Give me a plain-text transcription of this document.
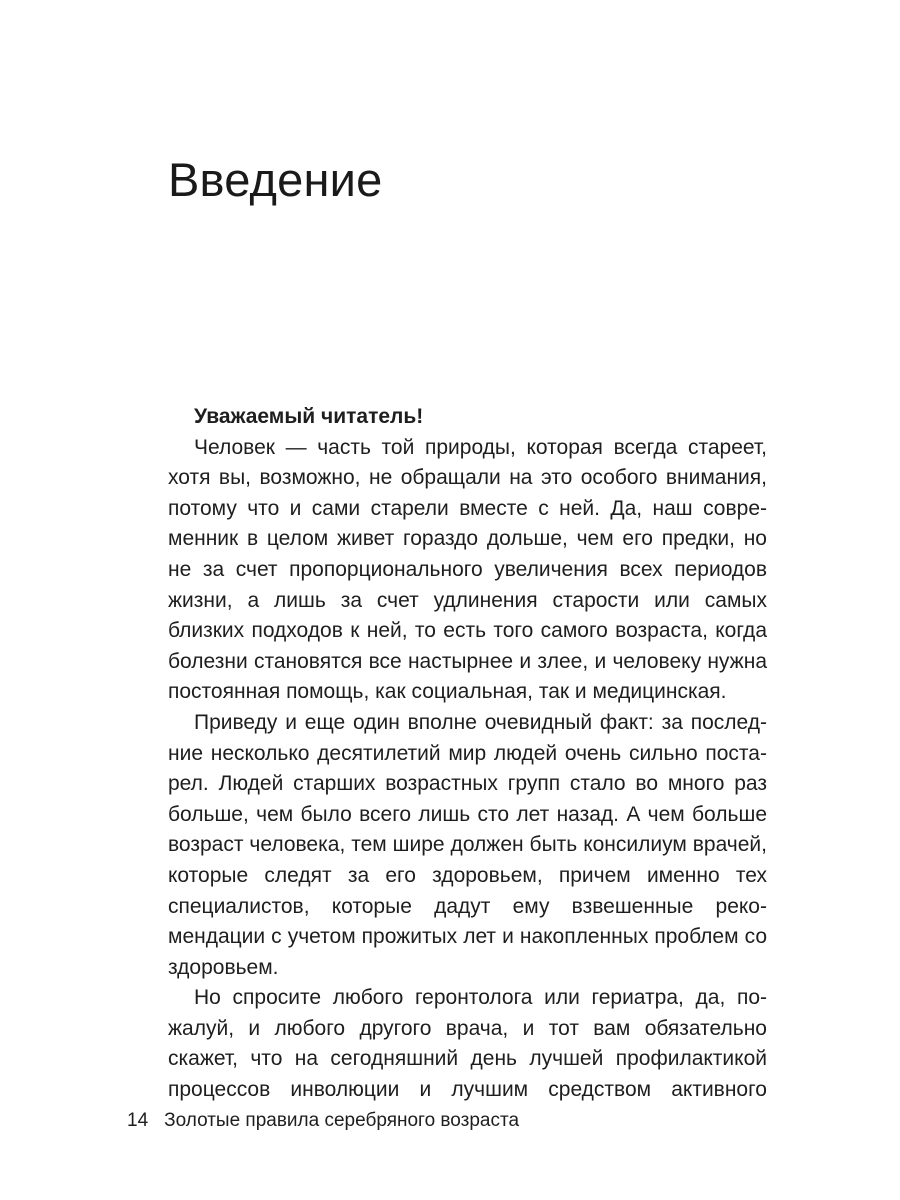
Введение

Уважаемый читатель!

Человек — часть той природы, которая всегда стареет, хотя вы, возможно, не обращали на это особого внимания, потому что и сами старели вместе с ней. Да, наш современник в целом живет гораздо дольше, чем его предки, но не за счет пропорционального увеличения всех периодов жизни, а лишь за счет удлинения старости или самых близких подходов к ней, то есть того самого возраста, когда болезни становятся все настырнее и злее, и человеку нужна постоянная помощь, как социальная, так и медицинская.

Приведу и еще один вполне очевидный факт: за последние несколько десятилетий мир людей очень сильно постарел. Людей старших возрастных групп стало во много раз больше, чем было всего лишь сто лет назад. А чем больше возраст человека, тем шире должен быть консилиум врачей, которые следят за его здоровьем, причем именно тех специалистов, которые дадут ему взвешенные рекомендации с учетом прожитых лет и накопленных проблем со здоровьем.

Но спросите любого геронтолога или гериатра, да, пожалуй, и любого другого врача, и тот вам обязательно скажет, что на сегодняшний день лучшей профилактикой процессов инволюции и лучшим средством активного

14 Золотые правила серебряного возраста
